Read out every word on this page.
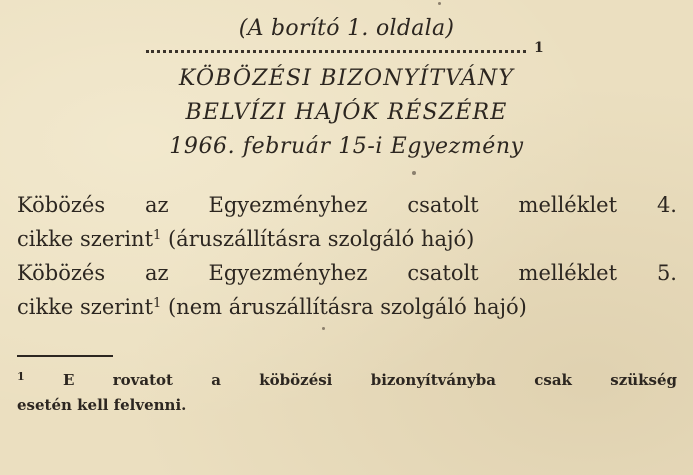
(A borító 1. oldala)
1
KÖBÖZÉSI BIZONYÍTVÁNY
BELVÍZI HAJÓK RÉSZÉRE
1966. február 15-i Egyezmény
Köbözés az Egyezményhez csatolt melléklet 4.
cikke szerint$^1$ (áruszállításra szolgáló hajó)
Köbözés az Egyezményhez csatolt melléklet 5.
cikke szerint$^1$ (nem áruszállításra szolgáló hajó)
$^1$ E rovatot a köbözési bizonyítványba csak szükség
esetén kell felvenni.
